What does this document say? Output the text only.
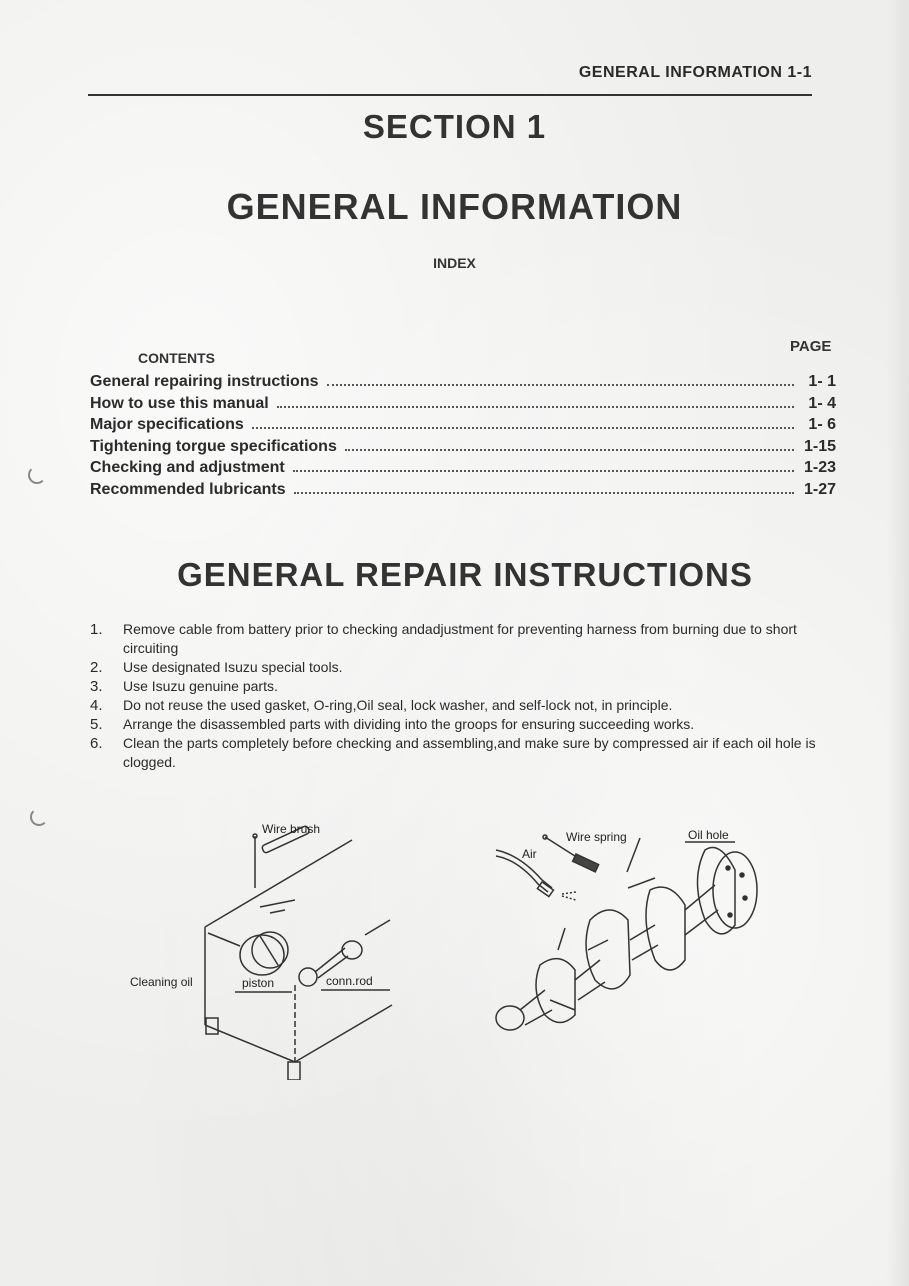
GENERAL INFORMATION 1-1
SECTION 1
GENERAL INFORMATION
INDEX
CONTENTS
PAGE
General repairing instructions	1- 1
How to use this manual	1- 4
Major specifications	1- 6
Tightening torgue specifications	1-15
Checking and adjustment	1-23
Recommended lubricants	1-27
GENERAL REPAIR INSTRUCTIONS
1.	Remove cable from battery prior to checking andadjustment for preventing harness from burning due to short circuiting
2.	Use designated Isuzu special tools.
3.	Use Isuzu genuine parts.
4.	Do not reuse the used gasket, O-ring,Oil seal, lock washer, and self-lock not, in principle.
5.	Arrange the disassembled parts with dividing into the groops for ensuring succeeding works.
6.	Clean the parts completely before checking and assembling,and make sure by compressed air if each oil hole is clogged.
Wire brush
Cleaning oil	piston	conn.rod
Wire spring
Air
Oil hole
